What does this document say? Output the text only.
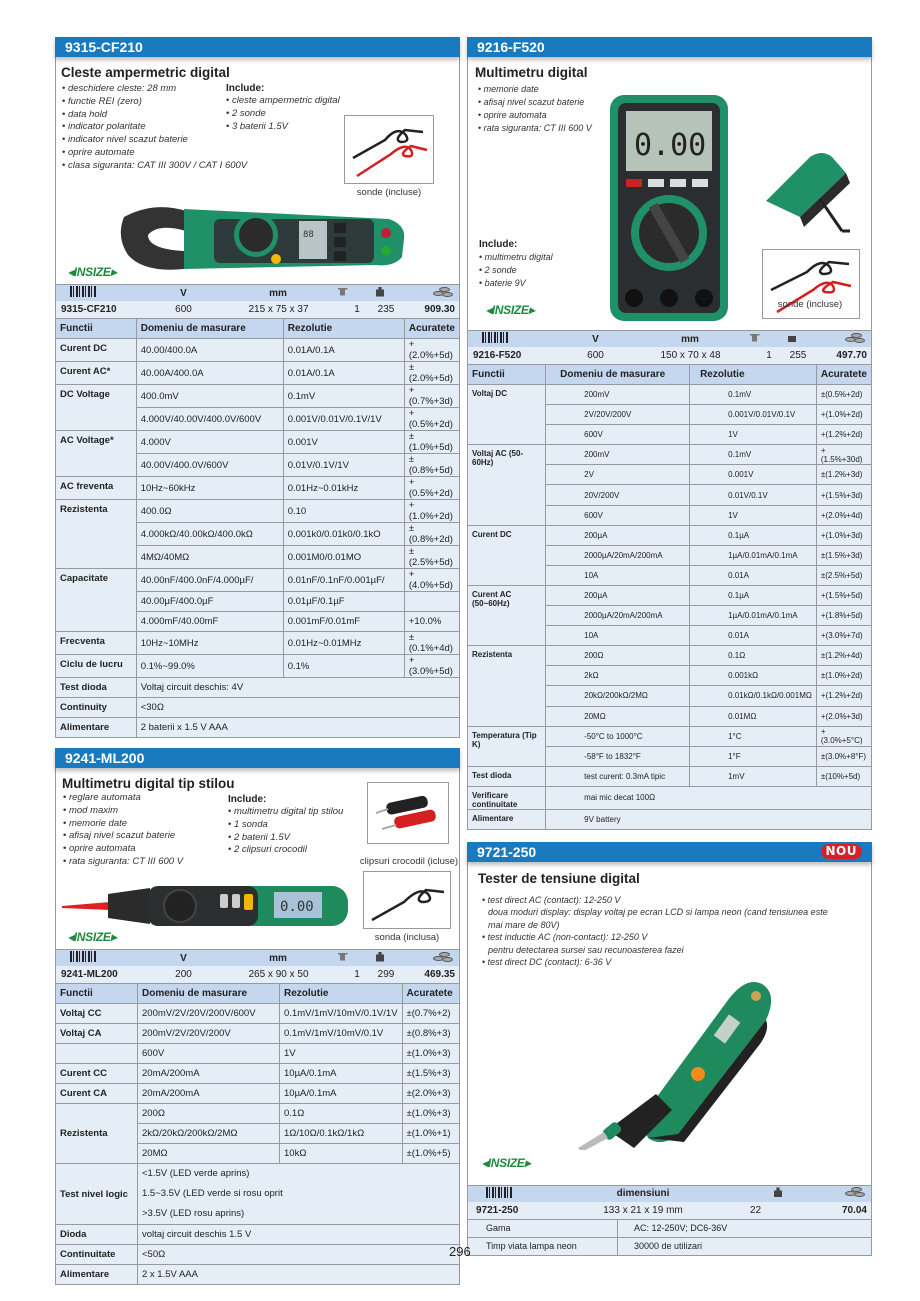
9315-CF210
Cleste ampermetric digital
• deschidere cleste: 28 mm
• functie REI (zero)
• data hold
• indicator polaritate
• indicator nivel scazut baterie
• oprire automate
• clasa siguranta: CAT III 300V / CAT I 600V
Include:
• cleste ampermetric digital
• 2 sonde
• 3 baterii 1.5V
sonde (incluse)
88
◂INSIZE▸
V	mm
9315-CF210	600	215 x 75 x 37	1	235	909.30
Functii	Domeniu de masurare	Rezolutie	Acuratete
Curent DC	40.00/400.0A	0.01A/0.1A	+(2.0%+5d)
Curent AC*	40.00A/400.0A	0.01A/0.1A	±(2.0%+5d)
DC Voltage	400.0mV	0.1mV	+(0.7%+3d)
	4.000V/40.00V/400.0V/600V	0.001V/0.01V/0.1V/1V	+(0.5%+2d)
AC Voltage*	4.000V	0.001V	±(1.0%+5d)
	40.00V/400.0V/600V	0.01V/0.1V/1V	±(0.8%+5d)
AC freventa	10Hz~60kHz	0.01Hz~0.01kHz	+(0.5%+2d)
Rezistenta	400.0Ω	0.10	+(1.0%+2d)
	4.000kΩ/40.00kΩ/400.0kΩ	0.001k0/0.01k0/0.1kO	±(0.8%+2d)
	4MΩ/40MΩ	0.001M0/0.01MO	±(2.5%+5d)
Capacitate	40.00nF/400.0nF/4.000µF/	0.01nF/0.1nF/0.001µF/	+(4.0%+5d)
	40.00µF/400.0µF	0.01µF/0.1µF	
	4.000mF/40.00mF	0.001mF/0.01mF	+10.0%
Frecventa	10Hz~10MHz	0.01Hz~0.01MHz	±(0.1%+4d)
Ciclu de lucru	0.1%~99.0%	0.1%	+(3.0%+5d)
Test dioda	Voltaj circuit deschis: 4V		
Continuity	<30Ω		
Alimentare	2 baterii x 1.5 V AAA		
9241-ML200
Multimetru digital tip stilou
• reglare automata
• mod maxim
• memorie date
• afisaj nivel scazut baterie
• oprire automata
• rata siguranta: CT III 600 V
Include:
• multimetru digital tip stilou
• 1 sonda
• 2 baterii 1.5V
• 2 clipsuri crocodil
clipsuri crocodil (icluse)
sonda (inclusa)
0.00
◂INSIZE▸
V	mm
9241-ML200	200	265 x 90 x 50	1	299	469.35
Functii	Domeniu de masurare	Rezolutie	Acuratete
Voltaj CC	200mV/2V/20V/200V/600V	0.1mV/1mV/10mV/0.1V/1V	±(0.7%+2)
Voltaj CA	200mV/2V/20V/200V	0.1mV/1mV/10mV/0.1V	±(0.8%+3)
	600V	1V	±(1.0%+3)
Curent CC	20mA/200mA	10µA/0.1mA	±(1.5%+3)
Curent CA	20mA/200mA	10µA/0.1mA	±(2.0%+3)
Rezistenta	200Ω	0.1Ω	±(1.0%+3)
	2kΩ/20kΩ/200kΩ/2MΩ	1Ω/10Ω/0.1kΩ/1kΩ	±(1.0%+1)
	20MΩ	10kΩ	±(1.0%+5)
Test nivel logic	<1.5V (LED verde aprins)
1.5~3.5V (LED verde si rosu oprit
>3.5V (LED rosu aprins)		

Dioda	voltaj circuit deschis 1.5 V		
Continuitate	<50Ω		
Alimentare	2 x 1.5V AAA		
9216-F520
Multimetru digital
• memorie date
• afisaj nivel scazut baterie
• oprire automata
• rata siguranta: CT III 600 V
Include:
• multimetru digital
• 2 sonde
• baterie 9V
◂INSIZE▸
0.00
sonde (incluse)
V	mm
9216-F520	600	150 x 70 x 48	1	255	497.70
Functii	Domeniu de masurare	Rezolutie	Acuratete
Voltaj DC	200mV	0.1mV	±(0.5%+2d)
	2V/20V/200V	0.001V/0.01V/0.1V	+(1.0%+2d)
	600V	1V	+(1.2%+2d)
Voltaj AC (50-60Hz)	200mV	0.1mV	+(1.5%+30d)
	2V	0.001V	±(1.2%+3d)
	20V/200V	0.01V/0.1V	+(1.5%+3d)
	600V	1V	+(2.0%+4d)
Curent DC	200µA	0.1µA	+(1.0%+3d)
	2000µA/20mA/200mA	1µA/0.01mA/0.1mA	±(1.5%+3d)
	10A	0.01A	±(2.5%+5d)
Curent AC (50~60Hz)	200µA	0.1µA	+(1.5%+5d)
	2000µA/20mA/200mA	1µA/0.01mA/0.1mA	+(1.8%+5d)
	10A	0.01A	+(3.0%+7d)
Rezistenta	200Ω	0.1Ω	±(1.2%+4d)
	2kΩ	0.001kΩ	±(1.0%+2d)
	20kΩ/200kΩ/2MΩ	0.01kΩ/0.1kΩ/0.001MΩ	+(1.2%+2d)
	20MΩ	0.01MΩ	+(2.0%+3d)
Temperatura (Tip K)	-50°C to 1000°C	1°C	+(3.0%+5°C)
	-58°F to 1832°F	1°F	±(3.0%+8°F)
Test dioda	test curent: 0.3mA tipic	1mV	±(10%+5d)
Verificare continuitate	mai mic decat 100Ω		
Alimentare	9V battery		
9721-250	NOU
Tester de tensiune digital
• test direct AC (contact): 12-250 V
doua moduri display: display voltaj pe ecran LCD si lampa neon (cand tensiunea este
mai mare de 80V)
• test inductie AC (non-contact): 12-250 V
pentru detectarea sursei sau recunoasterea fazei
• test direct DC (contact): 6-36 V
◂INSIZE▸
dimensiuni
9721-250	133 x 21 x 19 mm	22	70.04
Gama	AC: 12-250V; DC6-36V
Timp viata lampa neon	30000 de utilizari
296
